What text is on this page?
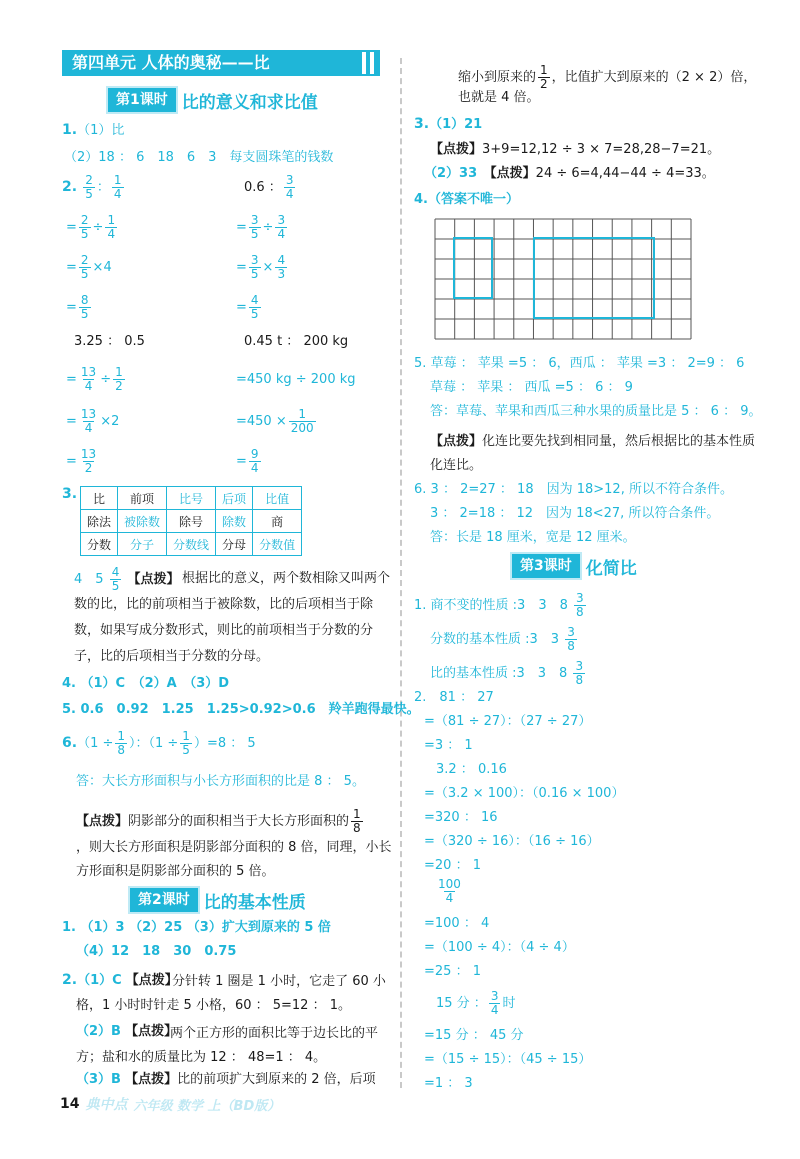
第四单元 人体的奥秘——比
第1课时 比的意义和求比值
1.（1）比
（2）18 ： 6　18　6　3　每支圆珠笔的钱数
2. $\frac{2}{5}$ ： $\frac{1}{4}$	0.6 ： $\frac{3}{4}$
= $\frac{2}{5} \div \frac{1}{4}$	= $\frac{3}{5} \div \frac{3}{4}$
= $\frac{2}{5} \times 4$	= $\frac{3}{5} \times \frac{4}{3}$
= $\frac{8}{5}$	= $\frac{4}{5}$
3.25 ： 0.5	0.45 t ： 200 kg
= $\frac{13}{4} \div \frac{1}{2}$	=450 kg ÷ 200 kg
= $\frac{13}{4} \times 2$	$=450 \times \frac{1}{200}$
= $\frac{13}{2}$	= $\frac{9}{4}$
3. 比	前项	比号	后项	比值
除法	被除数	除号	除数	商
分数	分子	分数线	分母	分数值
4　$5 \frac{4}{5}$ 【点拨】 根据比的意义，两个数相除又叫两个数的比，比的前项相当于被除数，比的后项相当于除数，如果写成分数形式，则比的前项相当于分数的分子，比的后项相当于分数的分母。
4. （1）C　（2）A　（3）D
5. 0.6　0.92　1.25　1.25>0.92>0.6　 羚羊跑得最快。
$6.(1 \div \frac{1}{8}$ ）：$(1 \div \frac{1}{5} )=8$ ： 5
答：大长方形面积与小长方形面积的比是 8 ： 5。
【点拨】阴影部分的面积相当于大长方形面积的 $\frac{1}{8}$
，则大长方形面积是阴影部分面积的 8 倍，同理，小长方形面积是阴影部分面积的 5 倍。
第2课时 比的基本性质
1. （1）3 （2）25 （3）扩大到原来的 5 倍
（4）12　18　30　0.75
2.（1）C 【点拨】
分针转 1 圈是 1 小时，它走了 60 小格，1 小时时针走 5 小格，60 ： 5=12 ： 1。
（2）B 【点拨】
两个正方形的面积比等于边长比的平方；盐和水的质量比为 12 ： 48=1 ： 4。
（3）B 【点拨】比的前项扩大到原来的 2 倍，后项
缩小到原来的 $\frac{1}{2}$ ，比值扩大到原来的（2 × 2）倍，
也就是 4 倍。
3.（1）21
【点拨】3+9=12,12 ÷ 3 × 7=28,28−7=21。
（2）33　 【点拨】24 ÷ 6=4,44−44 ÷ 4=33。
4.（答案不唯一）
5. 草莓 ： 苹果 =5 ： 6，西瓜 ： 苹果 =3 ： 2=9 ： 6
草莓 ： 苹果 ： 西瓜 =5 ： 6 ： 9
答：草莓、苹果和西瓜三种水果的质量比是 5 ： 6 ： 9。
【点拨】化连比要先找到相同量，然后根据比的基本性质化连比。
6. 3 ： 2=27 ： 18　因为 18>12, 所以不符合条件。
3 ： 2=18 ： 12　因为 18<27, 所以符合条件。
答：长是 18 厘米，宽是 12 厘米。
第3课时 化简比
1. 商不变的性质 :3　3　$8 \frac{3}{8}$
分数的基本性质 :3　$3 \frac{3}{8}$
比的基本性质 :3　3　$8 \frac{3}{8}$
2.　81 ： 27
=（81 ÷ 27）：（27 ÷ 27）
=3 ： 1
3.2 ： 0.16
=（3.2 × 100）：（0.16 × 100）
=320 ： 16
=（320 ÷ 16）：（16 ÷ 16）
=20 ： 1
$\frac{100}{4}$
=100 ： 4
=（100 ÷ 4）：（4 ÷ 4）
=25 ： 1
15 分 ： $\frac{3}{4}$ 时
=15 分 ： 45 分
=（15 ÷ 15）：（45 ÷ 15）
=1 ： 3
14 典中点 六年级 数学 上（BD版）
